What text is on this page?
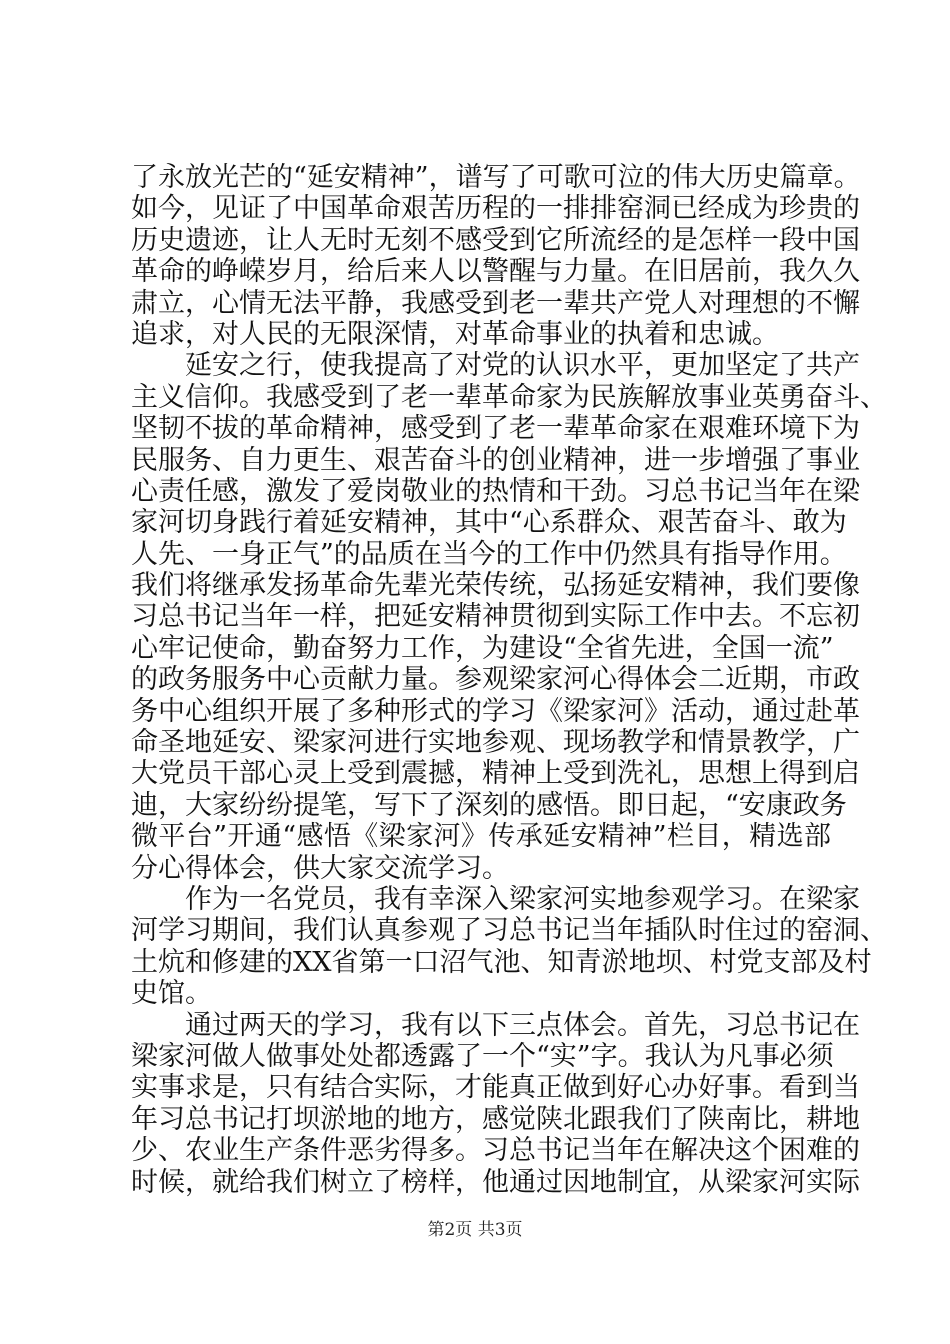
了永放光芒的“延安精神”，谱写了可歌可泣的伟大历史篇章。
如今，见证了中国革命艰苦历程的一排排窑洞已经成为珍贵的
历史遗迹，让人无时无刻不感受到它所流经的是怎样一段中国
革命的峥嵘岁月，给后来人以警醒与力量。在旧居前，我久久
肃立，心情无法平静，我感受到老一辈共产党人对理想的不懈
追求，对人民的无限深情，对革命事业的执着和忠诚。
延安之行，使我提高了对党的认识水平，更加坚定了共产
主义信仰。我感受到了老一辈革命家为民族解放事业英勇奋斗、
坚韧不拔的革命精神，感受到了老一辈革命家在艰难环境下为
民服务、自力更生、艰苦奋斗的创业精神，进一步增强了事业
心责任感，激发了爱岗敬业的热情和干劲。习总书记当年在梁
家河切身践行着延安精神，其中“心系群众、艰苦奋斗、敢为
人先、一身正气”的品质在当今的工作中仍然具有指导作用。
我们将继承发扬革命先辈光荣传统，弘扬延安精神，我们要像
习总书记当年一样，把延安精神贯彻到实际工作中去。不忘初
心牢记使命，勤奋努力工作，为建设“全省先进，全国一流”
的政务服务中心贡献力量。参观梁家河心得体会二近期，市政
务中心组织开展了多种形式的学习《梁家河》活动，通过赴革
命圣地延安、梁家河进行实地参观、现场教学和情景教学，广
大党员干部心灵上受到震撼，精神上受到洗礼，思想上得到启
迪，大家纷纷提笔，写下了深刻的感悟。即日起，“安康政务
微平台”开通“感悟《梁家河》传承延安精神”栏目，精选部
分心得体会，供大家交流学习。
作为一名党员，我有幸深入梁家河实地参观学习。在梁家
河学习期间，我们认真参观了习总书记当年插队时住过的窑洞、
土炕和修建的XX省第一口沼气池、知青淤地坝、村党支部及村
史馆。
通过两天的学习，我有以下三点体会。首先，习总书记在
梁家河做人做事处处都透露了一个“实”字。我认为凡事必须
实事求是，只有结合实际，才能真正做到好心办好事。看到当
年习总书记打坝淤地的地方，感觉陕北跟我们了陕南比，耕地
少、农业生产条件恶劣得多。习总书记当年在解决这个困难的
时候，就给我们树立了榜样，他通过因地制宜，从梁家河实际
第2页 共3页
